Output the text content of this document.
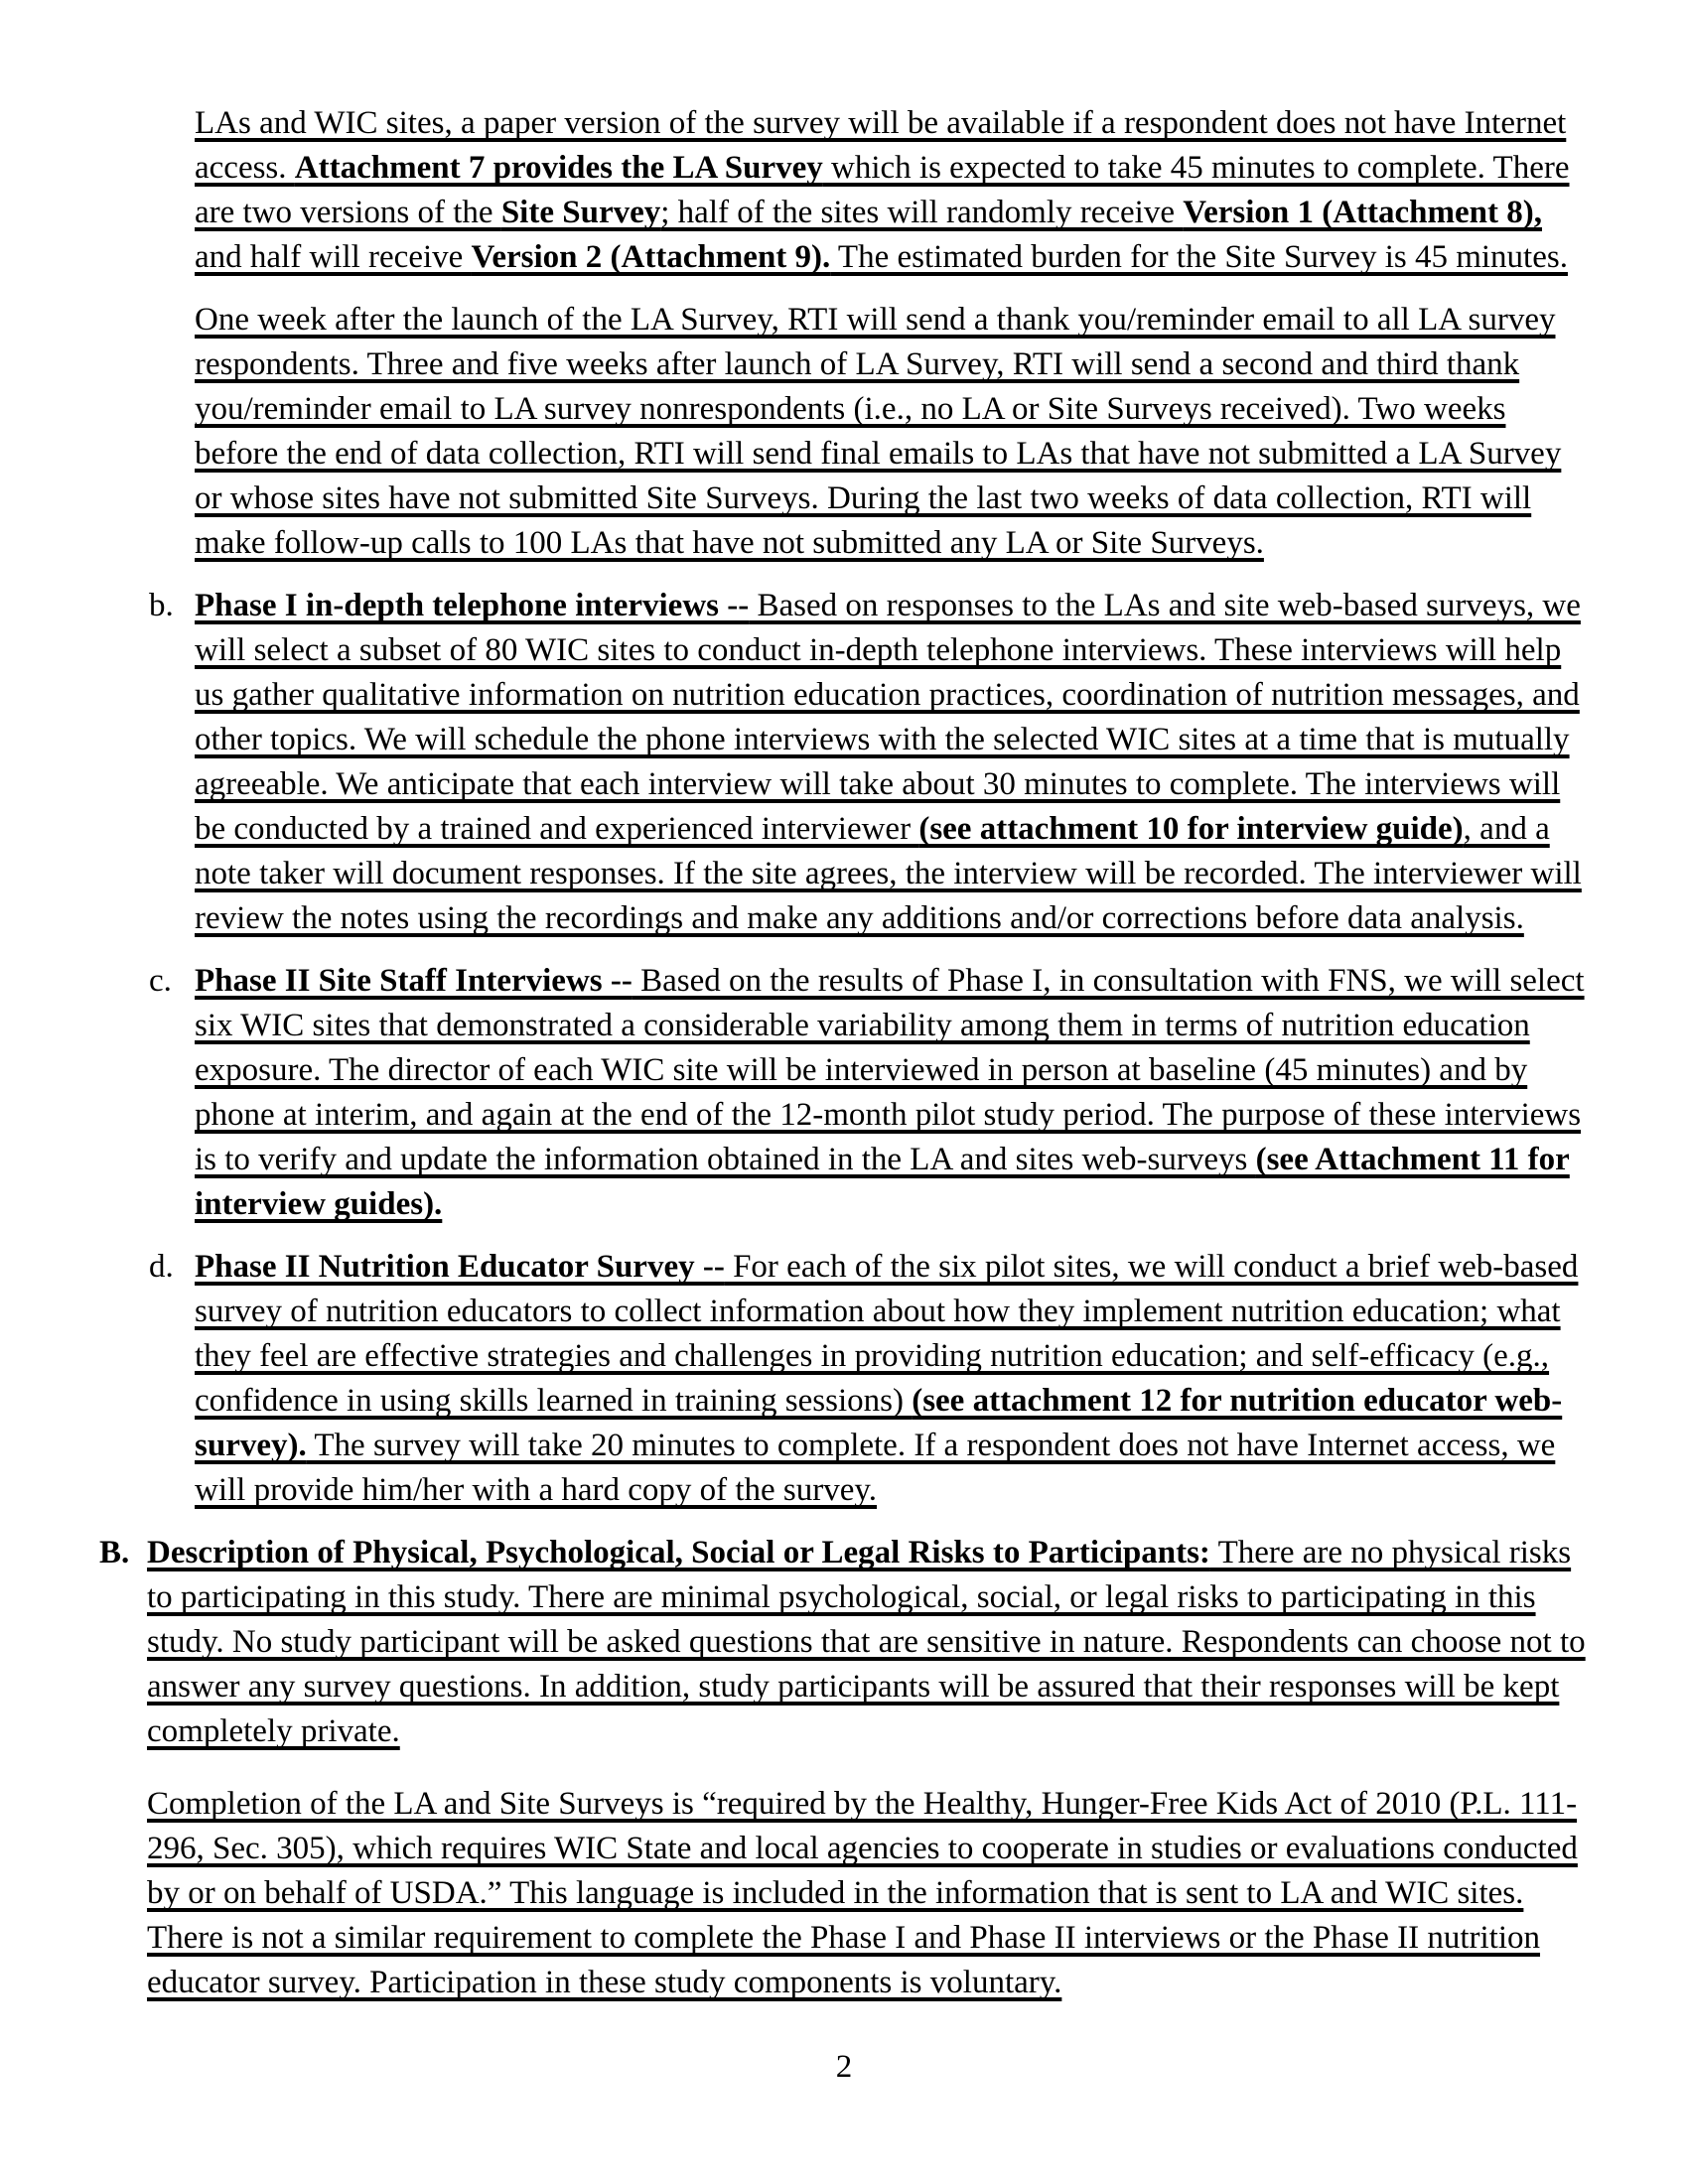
LAs and WIC sites, a paper version of the survey will be available if a respondent does not have Internet access. Attachment 7 provides the LA Survey which is expected to take 45 minutes to complete. There are two versions of the Site Survey; half of the sites will randomly receive Version 1 (Attachment 8), and half will receive Version 2 (Attachment 9). The estimated burden for the Site Survey is 45 minutes.
One week after the launch of the LA Survey, RTI will send a thank you/reminder email to all LA survey respondents. Three and five weeks after launch of LA Survey, RTI will send a second and third thank you/reminder email to LA survey nonrespondents (i.e., no LA or Site Surveys received). Two weeks before the end of data collection, RTI will send final emails to LAs that have not submitted a LA Survey or whose sites have not submitted Site Surveys. During the last two weeks of data collection, RTI will make follow-up calls to 100 LAs that have not submitted any LA or Site Surveys.
b. Phase I in-depth telephone interviews -- Based on responses to the LAs and site web-based surveys, we will select a subset of 80 WIC sites to conduct in-depth telephone interviews. These interviews will help us gather qualitative information on nutrition education practices, coordination of nutrition messages, and other topics. We will schedule the phone interviews with the selected WIC sites at a time that is mutually agreeable. We anticipate that each interview will take about 30 minutes to complete. The interviews will be conducted by a trained and experienced interviewer (see attachment 10 for interview guide), and a note taker will document responses. If the site agrees, the interview will be recorded. The interviewer will review the notes using the recordings and make any additions and/or corrections before data analysis.
c. Phase II Site Staff Interviews -- Based on the results of Phase I, in consultation with FNS, we will select six WIC sites that demonstrated a considerable variability among them in terms of nutrition education exposure. The director of each WIC site will be interviewed in person at baseline (45 minutes) and by phone at interim, and again at the end of the 12-month pilot study period. The purpose of these interviews is to verify and update the information obtained in the LA and sites web-surveys (see Attachment 11 for interview guides).
d. Phase II Nutrition Educator Survey -- For each of the six pilot sites, we will conduct a brief web-based survey of nutrition educators to collect information about how they implement nutrition education; what they feel are effective strategies and challenges in providing nutrition education; and self-efficacy (e.g., confidence in using skills learned in training sessions) (see attachment 12 for nutrition educator web-survey). The survey will take 20 minutes to complete. If a respondent does not have Internet access, we will provide him/her with a hard copy of the survey.
B. Description of Physical, Psychological, Social or Legal Risks to Participants: There are no physical risks to participating in this study. There are minimal psychological, social, or legal risks to participating in this study. No study participant will be asked questions that are sensitive in nature. Respondents can choose not to answer any survey questions. In addition, study participants will be assured that their responses will be kept completely private.
Completion of the LA and Site Surveys is “required by the Healthy, Hunger-Free Kids Act of 2010 (P.L. 111-296, Sec. 305), which requires WIC State and local agencies to cooperate in studies or evaluations conducted by or on behalf of USDA.” This language is included in the information that is sent to LA and WIC sites. There is not a similar requirement to complete the Phase I and Phase II interviews or the Phase II nutrition educator survey. Participation in these study components is voluntary.
2
